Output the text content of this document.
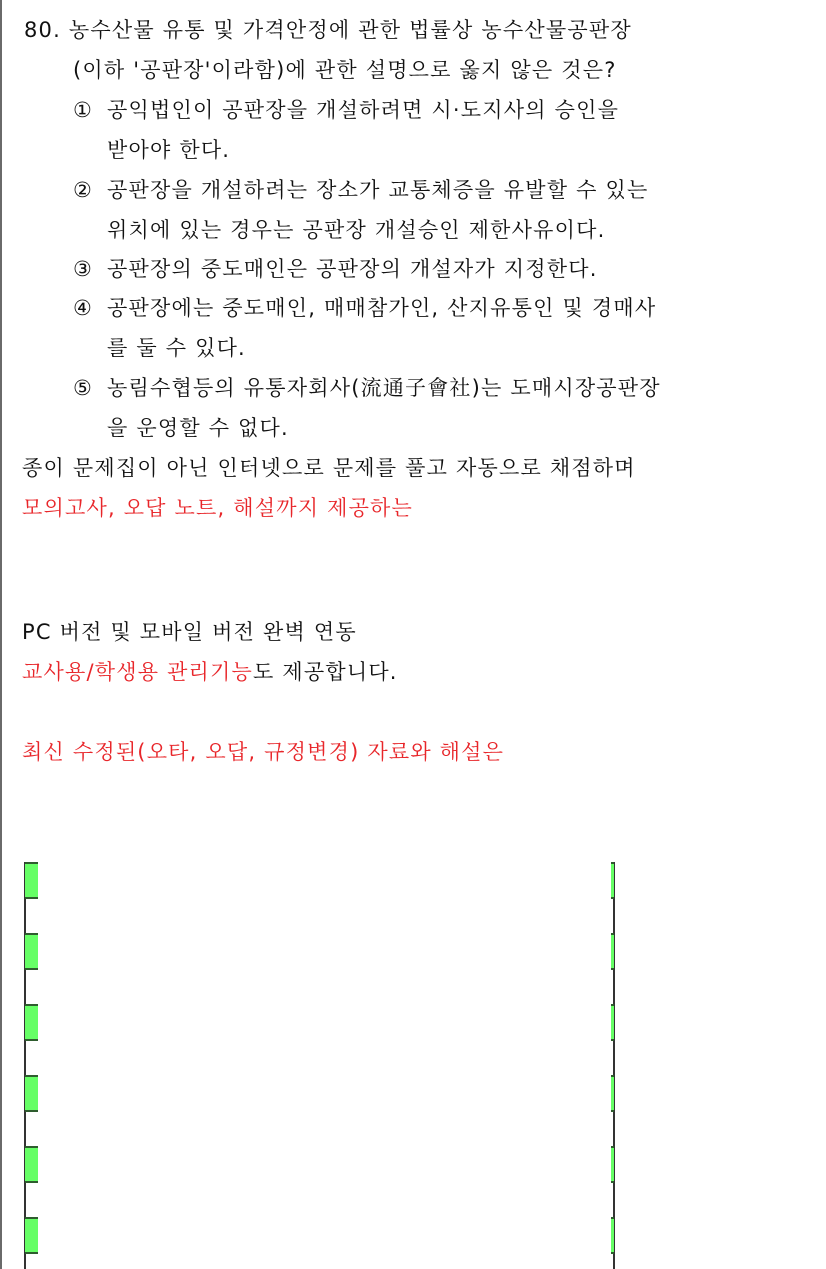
80. 농수산물 유통 및 가격안정에 관한 법률상 농수산물공판장
(이하 '공판장'이라함)에 관한 설명으로 옳지 않은 것은?
① 공익법인이 공판장을 개설하려면 시·도지사의 승인을
받아야 한다.
② 공판장을 개설하려는 장소가 교통체증을 유발할 수 있는
위치에 있는 경우는 공판장 개설승인 제한사유이다.
③ 공판장의 중도매인은 공판장의 개설자가 지정한다.
④ 공판장에는 중도매인, 매매참가인, 산지유통인 및 경매사
를 둘 수 있다.
⑤ 농림수협등의 유통자회사(流通子會社)는 도매시장공판장
을 운영할 수 없다.
종이 문제집이 아닌 인터넷으로 문제를 풀고 자동으로 채점하며
모의고사, 오답 노트, 해설까지 제공하는
PC 버전 및 모바일 버전 완벽 연동
교사용/학생용 관리기능도 제공합니다.
최신 수정된(오타, 오답, 규정변경) 자료와 해설은
